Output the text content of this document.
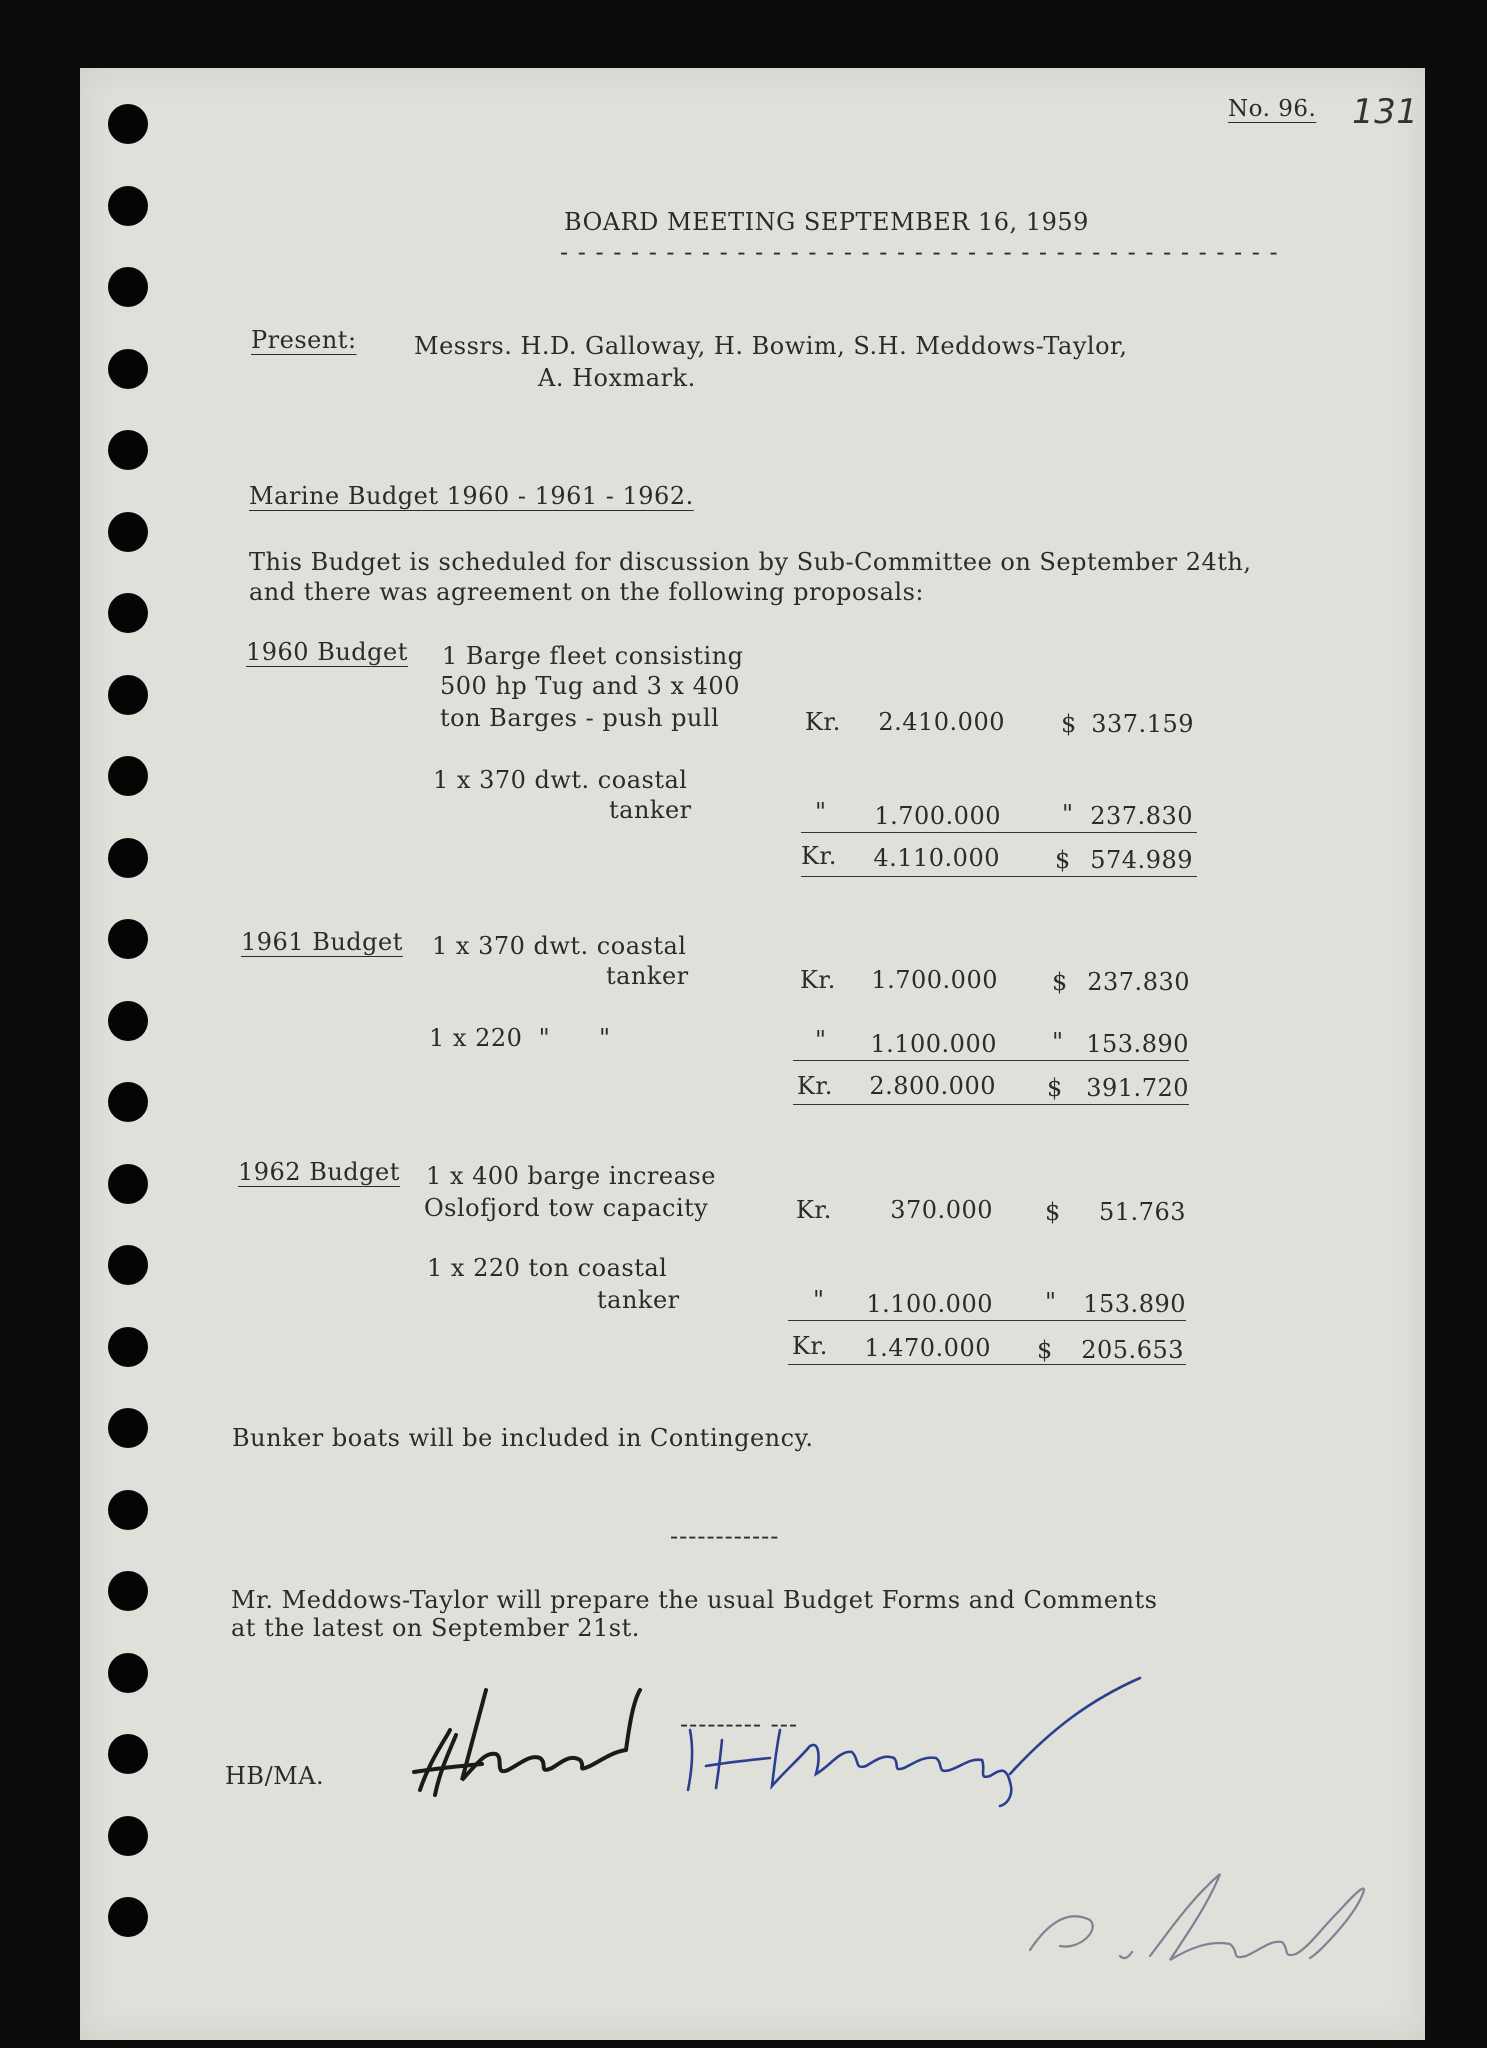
No. 96. 131
BOARD MEETING SEPTEMBER 16, 1959
- - - - - - - - - - - - - - - - - - - - - - - - - - - - - - - - - - - - - - - - -
Present: Messrs. H.D. Galloway, H. Bowim, S.H. Meddows-Taylor,
A. Hoxmark.
Marine Budget 1960 - 1961 - 1962.
This Budget is scheduled for discussion by Sub-Committee on September 24th,
and there was agreement on the following proposals:
1960 Budget 1 Barge fleet consisting
500 hp Tug and 3 x 400
ton Barges - push pull	Kr.	2.410.000 $ 337.159
1 x 370 dwt. coastal
tanker	"	1.700.000	" 237.830
Kr.	4.110.000 $ 574.989
1961 Budget 1 x 370 dwt. coastal
tanker	Kr.	1.700.000 $ 237.830
1 x 220  "      "	"	1.100.000 " 153.890
Kr.	2.800.000 $ 391.720
1962 Budget 1 x 400 barge increase
Oslofjord tow capacity	Kr.	370.000 $	51.763
1 x 220 ton coastal
tanker	"	1.100.000 "	153.890
Kr.	1.470.000 $	205.653
Bunker boats will be included in Contingency.
------------
Mr. Meddows-Taylor will prepare the usual Budget Forms and Comments
at the latest on September 21st.
--------- ---
HB/MA.
